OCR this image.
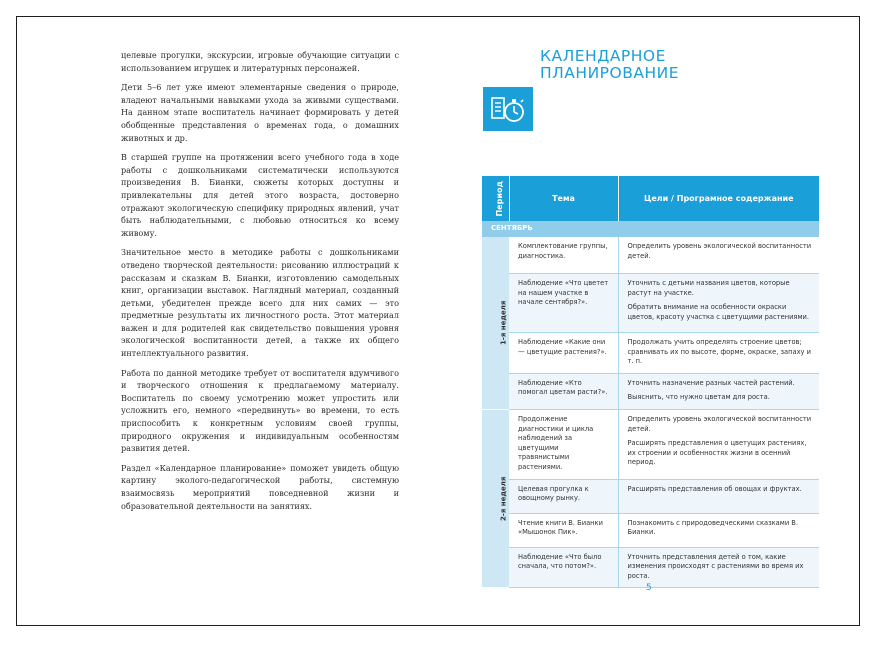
целевые прогулки, экскурсии, игровые обучающие ситуации с использованием игрушек и литературных персонажей.

Дети 5–6 лет уже имеют элементарные сведения о природе, владеют начальными навыками ухода за живыми существами. На данном этапе воспитатель начинает формировать у детей обобщенные представления о временах года, о домашних животных и др.

В старшей группе на протяжении всего учебного года в ходе работы с дошкольниками систематически используются произведения В. Бианки, сюжеты которых доступны и привлекательны для детей этого возраста, достоверно отражают экологическую специфику природных явлений, учат быть наблюдательными, с любовью относиться ко всему живому.

Значительное место в методике работы с дошкольниками отведено творческой деятельности: рисованию иллюстраций к рассказам и сказкам В. Бианки, изготовлению самодельных книг, организации выставок. Наглядный материал, созданный детьми, убедителен прежде всего для них самих — это предметные результаты их личностного роста. Этот материал важен и для родителей как свидетельство повышения уровня экологической воспитанности детей, а также их общего интеллектуального развития.

Работа по данной методике требует от воспитателя вдумчивого и творческого отношения к предлагаемому материалу. Воспитатель по своему усмотрению может упростить или усложнить его, немного «передвинуть» во времени, то есть приспособить к конкретным условиям своей группы, природного окружения и индивидуальным особенностям развития детей.

Раздел «Календарное планирование» поможет увидеть общую картину эколого-педагогической работы, системную взаимосвязь мероприятий повседневной жизни и образовательной деятельности на занятиях.

КАЛЕНДАРНОЕ
ПЛАНИРОВАНИЕ
Период	Тема	Цели / Програмное содержание
СЕНТЯБРЬ		
1-я неделя	Комплектование группы, диагностика.	Определить уровень экологической воспитанности детей.

	Наблюдение «Что цветет на нашем участке в начале сентября?».	Уточнить с детьми названия цветов, которые растут на участке.

Обратить внимание на особенности окраски цветов, красоту участка с цветущими растениями.

	Наблюдение «Какие они — цветущие растения?».	Продолжать учить определять строение цветов; сравнивать их по высоте, форме, окраске, запаху и т. п.

	Наблюдение «Кто помогал цветам расти?».	Уточнить назначение разных частей растений.

Выяснить, что нужно цветам для роста.

2-я неделя	Продолжение диагностики и цикла наблюдений за цветущими травянистыми растениями.	Определить уровень экологической воспитанности детей.

Расширять представления о цветущих растениях, их строении и особенностях жизни в осенний период.

	Целевая прогулка к овощному рынку.	Расширять представления об овощах и фруктах.

	Чтение книги В. Бианки «Мышонок Пик».	Познакомить с природоведческими сказками В. Бианки.

	Наблюдение «Что было сначала, что потом?».	Уточнить представления детей о том, какие изменения происходят с растениями во время их роста.

5
